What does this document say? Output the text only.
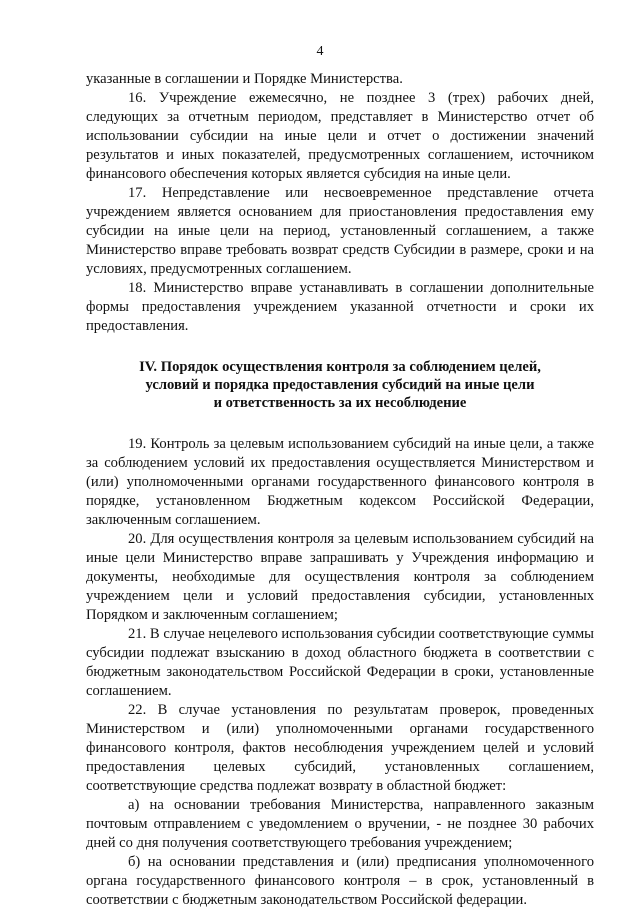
4

указанные в соглашении и Порядке Министерства.

16. Учреждение ежемесячно, не позднее 3 (трех) рабочих дней, следующих за отчетным периодом, представляет в Министерство отчет об использовании субсидии на иные цели и отчет о достижении значений результатов и иных показателей, предусмотренных соглашением, источником финансового обеспечения которых является субсидия на иные цели.

17. Непредставление или несвоевременное представление отчета учреждением является основанием для приостановления предоставления ему субсидии на иные цели на период, установленный соглашением, а также Министерство вправе требовать возврат средств Субсидии в размере, сроки и на условиях, предусмотренных соглашением.

18. Министерство вправе устанавливать в соглашении дополнительные формы предоставления учреждением указанной отчетности и сроки их предоставления.

IV. Порядок осуществления контроля за соблюдением целей,
условий и порядка предоставления субсидий на иные цели
и ответственность за их несоблюдение

19. Контроль за целевым использованием субсидий на иные цели, а также за соблюдением условий их предоставления осуществляется Министерством и (или) уполномоченными органами государственного финансового контроля в порядке, установленном Бюджетным кодексом Российской Федерации, заключенным соглашением.

20. Для осуществления контроля за целевым использованием субсидий на иные цели Министерство вправе запрашивать у Учреждения информацию и документы, необходимые для осуществления контроля за соблюдением учреждением цели и условий предоставления субсидии, установленных Порядком и заключенным соглашением;

21. В случае нецелевого использования субсидии соответствующие суммы субсидии подлежат взысканию в доход областного бюджета в соответствии с бюджетным законодательством Российской Федерации в сроки, установленные соглашением.

22. В случае установления по результатам проверок, проведенных Министерством и (или) уполномоченными органами государственного финансового контроля, фактов несоблюдения учреждением целей и условий предоставления целевых субсидий, установленных соглашением, соответствующие средства подлежат возврату в областной бюджет:

а) на основании требования Министерства, направленного заказным почтовым отправлением с уведомлением о вручении, - не позднее 30 рабочих дней со дня получения соответствующего требования учреждением;

б) на основании представления и (или) предписания уполномоченного органа государственного финансового контроля – в срок, установленный в соответствии с бюджетным законодательством Российской федерации.
